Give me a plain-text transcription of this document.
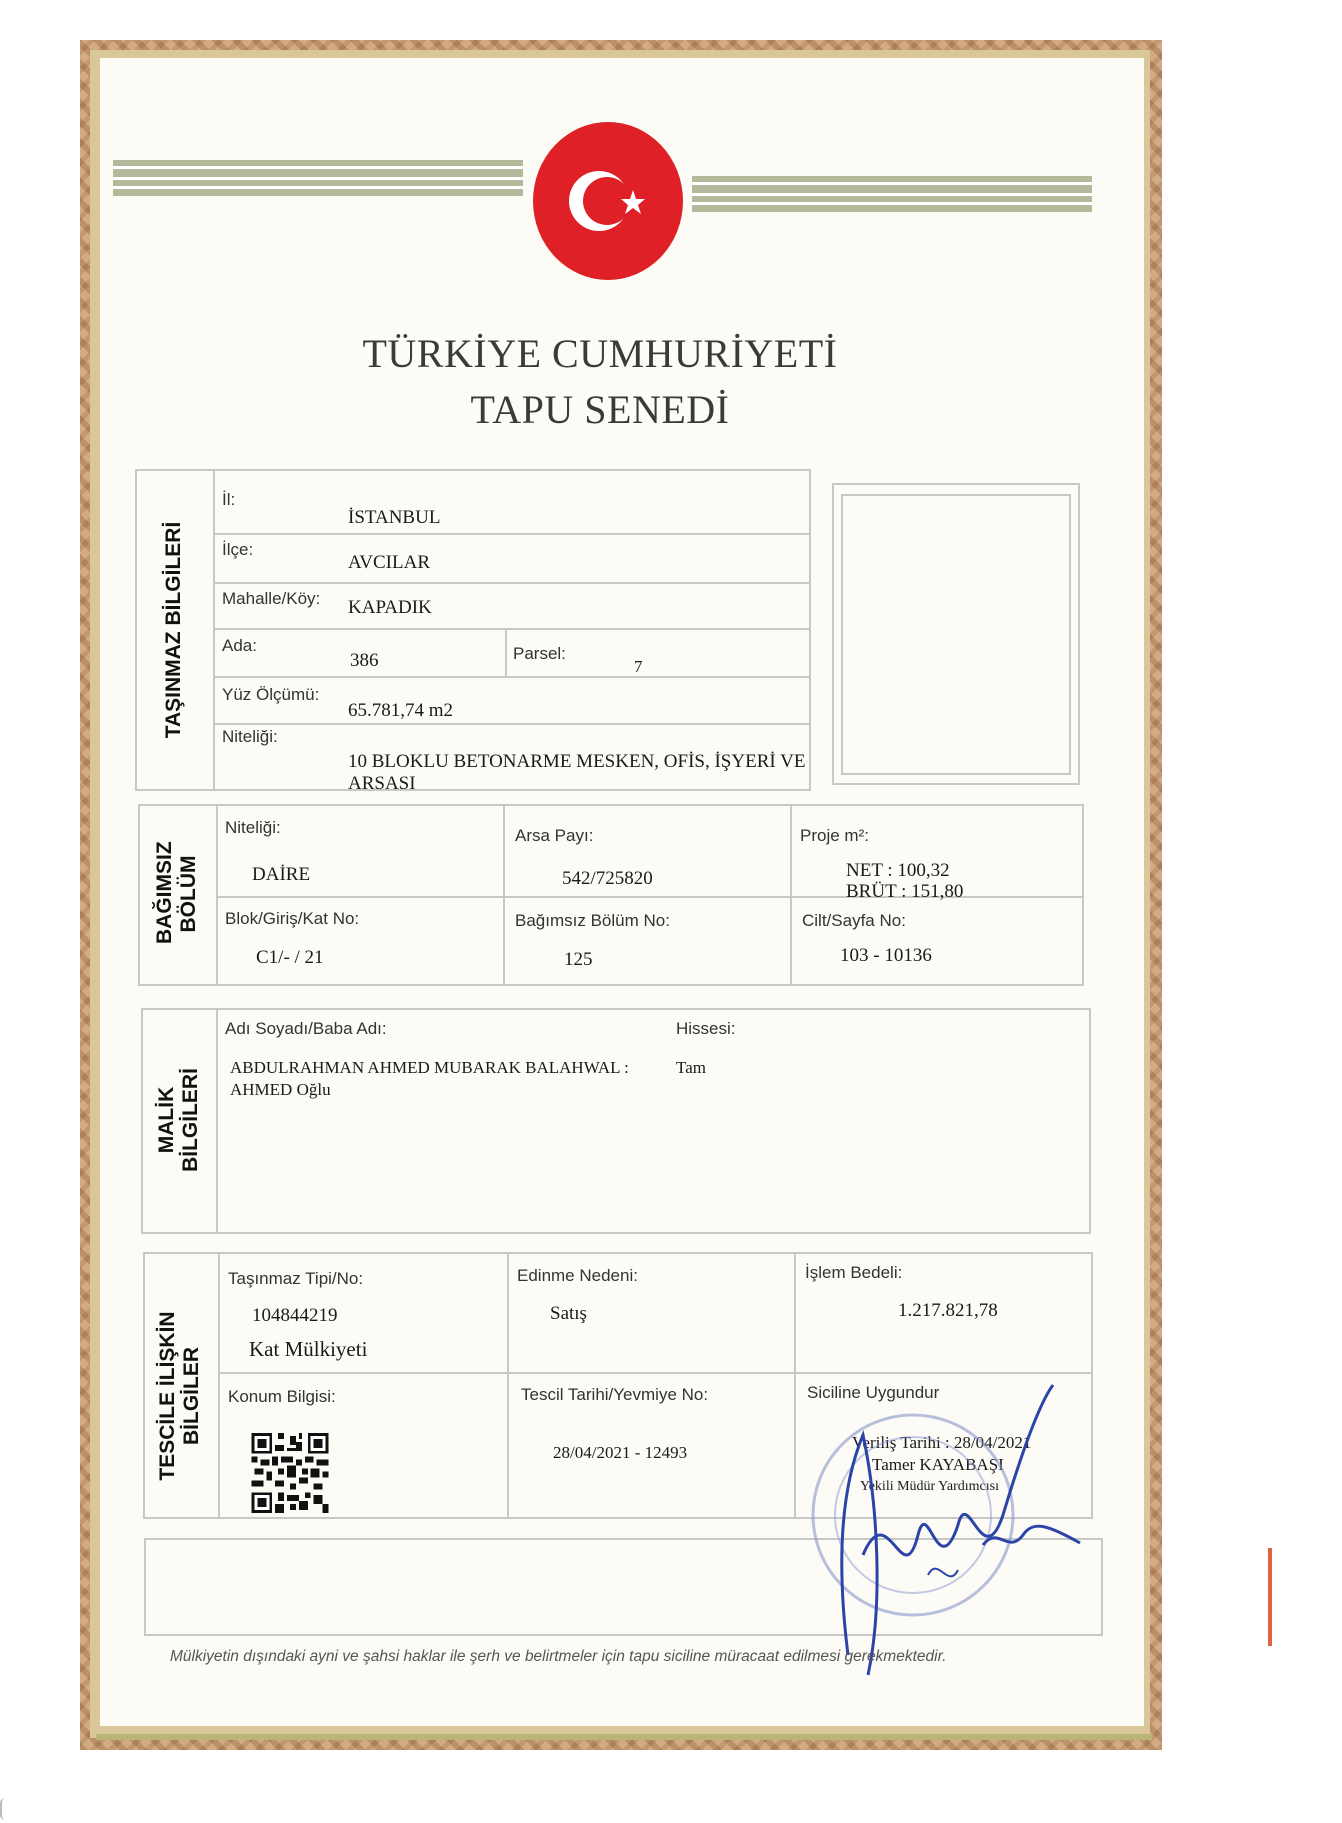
TÜRKİYE CUMHURİYETİ
TAPU SENEDİ
TAŞINMAZ BİLGİLERİ
İl:
İSTANBUL
İlçe:
AVCILAR
Mahalle/Köy: KAPADIK
Ada:
386	Parsel:
7
Yüz Ölçümü:
65.781,74 m2
Niteliği:
10 BLOKLU BETONARME MESKEN, OFİS, İŞYERİ VE
ARSASI
BAĞIMSIZ
BÖLÜM
Niteliği:
DAİRE
Arsa Payı:
542/725820
Proje m²:
NET : 100,32
BRÜT : 151,80
Blok/Giriş/Kat No:
C1/- / 21
Bağımsız Bölüm No:
125
Cilt/Sayfa No:
103 - 10136
MALİK
BİLGİLERİ
Adı Soyadı/Baba Adı:
ABDULRAHMAN AHMED MUBARAK BALAHWAL :
AHMED Oğlu
Hissesi:
Tam
TESCİLE İLİŞKİN
BİLGİLER
Taşınmaz Tipi/No:
104844219
Kat Mülkiyeti
Edinme Nedeni:
Satış
İşlem Bedeli:
1.217.821,78
Konum Bilgisi:	Tescil Tarihi/Yevmiye No:
28/04/2021 - 12493
Siciline Uygundur
Veriliş Tarihi : 28/04/2021
Tamer KAYABAŞI
Yekili Müdür Yardımcısı
Mülkiyetin dışındaki ayni ve şahsi haklar ile şerh ve belirtmeler için tapu siciline müracaat edilmesi gerekmektedir.
